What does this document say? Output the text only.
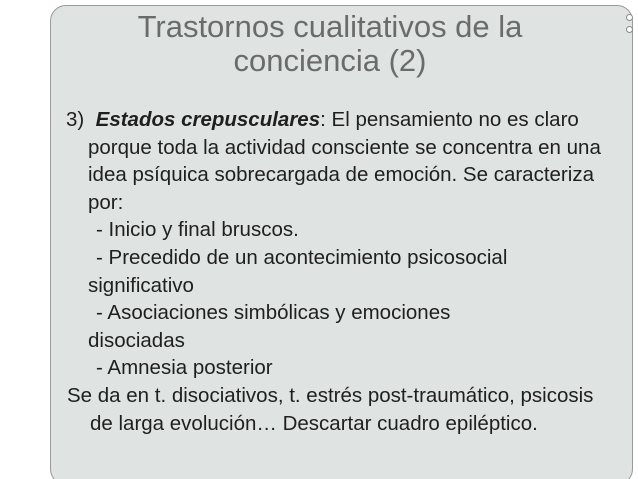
Trastornos cualitativos de la
conciencia (2)

3) Estados crepusculares: El pensamiento no es claro porque toda la actividad consciente se concentra en una idea psíquica sobrecargada de emoción. Se caracteriza por:

- Inicio y final bruscos.

- Precedido de un acontecimiento psicosocial

significativo

- Asociaciones simbólicas y emociones

disociadas

- Amnesia posterior

Se da en t. disociativos, t. estrés post-traumático, psicosis de larga evolución… Descartar cuadro epiléptico.
